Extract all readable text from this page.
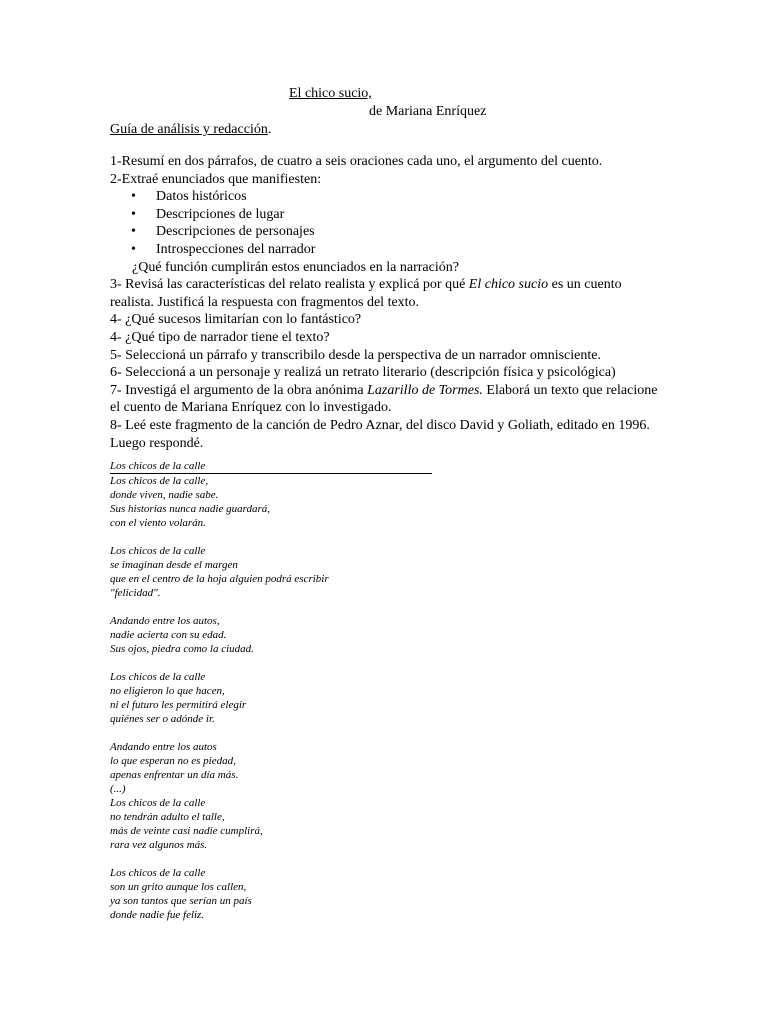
El chico sucio,
de Mariana Enríquez
Guía de análisis y redacción.

1-Resumí en dos párrafos, de cuatro a seis oraciones cada uno, el argumento del cuento.

2-Extraé enunciados que manifiesten:

• Datos históricos
• Descripciones de lugar
• Descripciones de personajes
• Introspecciones del narrador

¿Qué función cumplirán estos enunciados en la narración?

3- Revisá las características del relato realista y explicá por qué El chico sucio es un cuento realista. Justificá la respuesta con fragmentos del texto.

4- ¿Qué sucesos limitarían con lo fantástico?

4- ¿Qué tipo de narrador tiene el texto?

5- Seleccioná un párrafo y transcribilo desde la perspectiva de un narrador omnisciente.

6- Seleccioná a un personaje y realizá un retrato literario (descripción física y psicológica)

7- Investigá el argumento de la obra anónima Lazarillo de Tormes. Elaborá un texto que relacione el cuento de Mariana Enríquez con lo investigado.

8- Leé este fragmento de la canción de Pedro Aznar, del disco David y Goliath, editado en 1996. Luego respondé.

Los chicos de la calle

Los chicos de la calle,

donde viven, nadie sabe.

Sus historias nunca nadie guardará,

con el viento volarán.

Los chicos de la calle

se imaginan desde el margen

que en el centro de la hoja alguien podrá escribir

"felicidad".

Andando entre los autos,

nadie acierta con su edad.

Sus ojos, piedra como la ciudad.

Los chicos de la calle

no eligieron lo que hacen,

ni el futuro les permitirá elegir

quiénes ser o adónde ir.

Andando entre los autos

lo que esperan no es piedad,

apenas enfrentar un día más.

(...)

Los chicos de la calle

no tendrán adulto el talle,

más de veinte casi nadie cumplirá,

rara vez algunos más.

Los chicos de la calle

son un grito aunque los callen,

ya son tantos que serían un país

donde nadie fue feliz.
